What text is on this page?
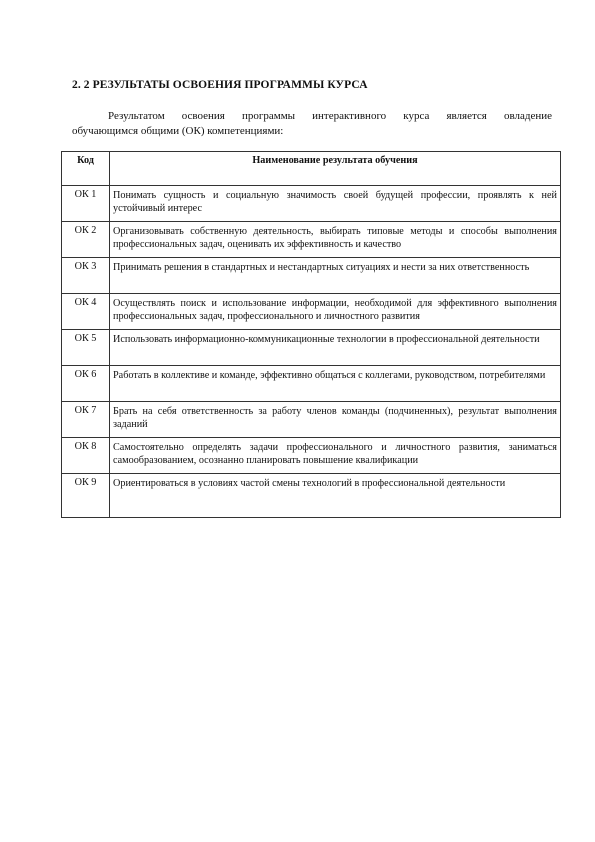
2. 2 РЕЗУЛЬТАТЫ ОСВОЕНИЯ ПРОГРАММЫ КУРСА
Результатом освоения программы интерактивного курса является овладение
обучающимся общими (ОК) компетенциями:
Код	Наименование результата обучения
ОК 1	Понимать сущность и социальную значимость своей будущей профессии, проявлять к ней устойчивый интерес
ОК 2	Организовывать собственную деятельность, выбирать типовые методы и способы выполнения профессиональных задач, оценивать их эффективность и качество
ОК 3	Принимать решения в стандартных и нестандартных ситуациях и нести за них ответственность
ОК 4	Осуществлять поиск и использование информации, необходимой для эффективного выполнения профессиональных задач, профессионального и личностного развития
ОК 5	Использовать информационно-коммуникационные технологии в профессиональной деятельности
ОК 6	Работать в коллективе и команде, эффективно общаться с коллегами, руководством, потребителями
ОК 7	Брать на себя ответственность за работу членов команды (подчиненных), результат выполнения заданий
ОК 8	Самостоятельно определять задачи профессионального и личностного развития, заниматься самообразованием, осознанно планировать повышение квалификации
ОК 9	Ориентироваться в условиях частой смены технологий в профессиональной деятельности
